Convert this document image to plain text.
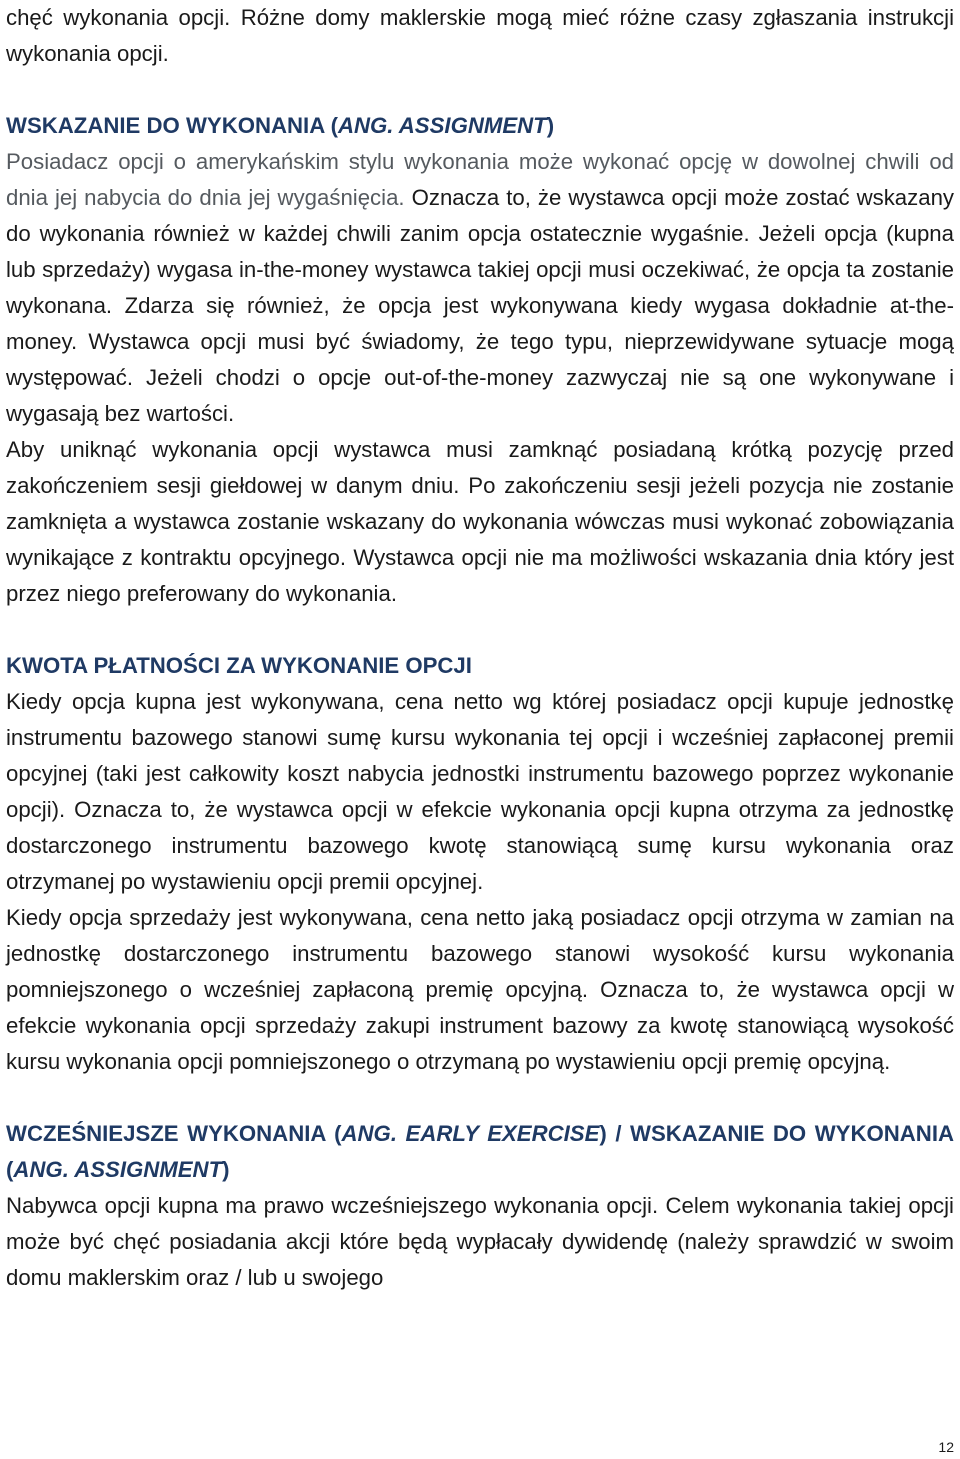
chęć wykonania opcji. Różne domy maklerskie mogą mieć różne czasy zgłaszania instrukcji wykonania opcji.

WSKAZANIE DO WYKONANIA (ANG. ASSIGNMENT)

Posiadacz opcji o amerykańskim stylu wykonania może wykonać opcję w dowolnej chwili od dnia jej nabycia do dnia jej wygaśnięcia. Oznacza to, że wystawca opcji może zostać wskazany do wykonania również w każdej chwili zanim opcja ostatecznie wygaśnie. Jeżeli opcja (kupna lub sprzedaży) wygasa in-the-money wystawca takiej opcji musi oczekiwać, że opcja ta zostanie wykonana. Zdarza się również, że opcja jest wykonywana kiedy wygasa dokładnie at-the-money. Wystawca opcji musi być świadomy, że tego typu, nieprzewidywane sytuacje mogą występować. Jeżeli chodzi o opcje out-of-the-money zazwyczaj nie są one wykonywane i wygasają bez wartości.

Aby uniknąć wykonania opcji wystawca musi zamknąć posiadaną krótką pozycję przed zakończeniem sesji giełdowej w danym dniu. Po zakończeniu sesji jeżeli pozycja nie zostanie zamknięta a wystawca zostanie wskazany do wykonania wówczas musi wykonać zobowiązania wynikające z kontraktu opcyjnego. Wystawca opcji nie ma możliwości wskazania dnia który jest przez niego preferowany do wykonania.

KWOTA PŁATNOŚCI ZA WYKONANIE OPCJI

Kiedy opcja kupna jest wykonywana, cena netto wg której posiadacz opcji kupuje jednostkę instrumentu bazowego stanowi sumę kursu wykonania tej opcji i wcześniej zapłaconej premii opcyjnej (taki jest całkowity koszt nabycia jednostki instrumentu bazowego poprzez wykonanie opcji). Oznacza to, że wystawca opcji w efekcie wykonania opcji kupna otrzyma za jednostkę dostarczonego instrumentu bazowego kwotę stanowiącą sumę kursu wykonania oraz otrzymanej po wystawieniu opcji premii opcyjnej.

Kiedy opcja sprzedaży jest wykonywana, cena netto jaką posiadacz opcji otrzyma w zamian na jednostkę dostarczonego instrumentu bazowego stanowi wysokość kursu wykonania pomniejszonego o wcześniej zapłaconą premię opcyjną. Oznacza to, że wystawca opcji w efekcie wykonania opcji sprzedaży zakupi instrument bazowy za kwotę stanowiącą wysokość kursu wykonania opcji pomniejszonego o otrzymaną po wystawieniu opcji premię opcyjną.

WCZEŚNIEJSZE WYKONANIA (ANG. EARLY EXERCISE) / WSKAZANIE DO WYKONANIA (ANG. ASSIGNMENT)

Nabywca opcji kupna ma prawo wcześniejszego wykonania opcji. Celem wykonania takiej opcji może być chęć posiadania akcji które będą wypłacały dywidendę (należy sprawdzić w swoim domu maklerskim oraz / lub u swojego

12
